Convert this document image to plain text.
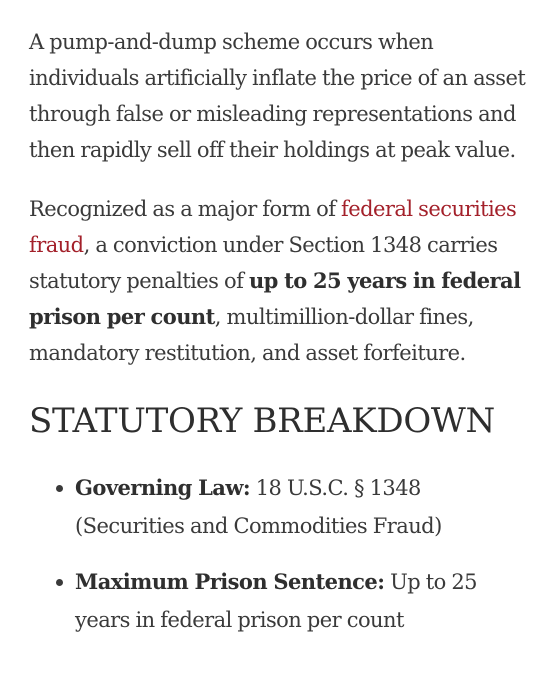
A pump-and-dump scheme occurs when individuals artificially inflate the price of an asset through false or misleading representations and then rapidly sell off their holdings at peak value.

Recognized as a major form of federal securities fraud, a conviction under Section 1348 carries statutory penalties of up to 25 years in federal prison per count, multimillion-dollar fines, mandatory restitution, and asset forfeiture.

STATUTORY BREAKDOWN
Governing Law: 18 U.S.C. § 1348 (Securities and Commodities Fraud)
Maximum Prison Sentence: Up to 25 years in federal prison per count
